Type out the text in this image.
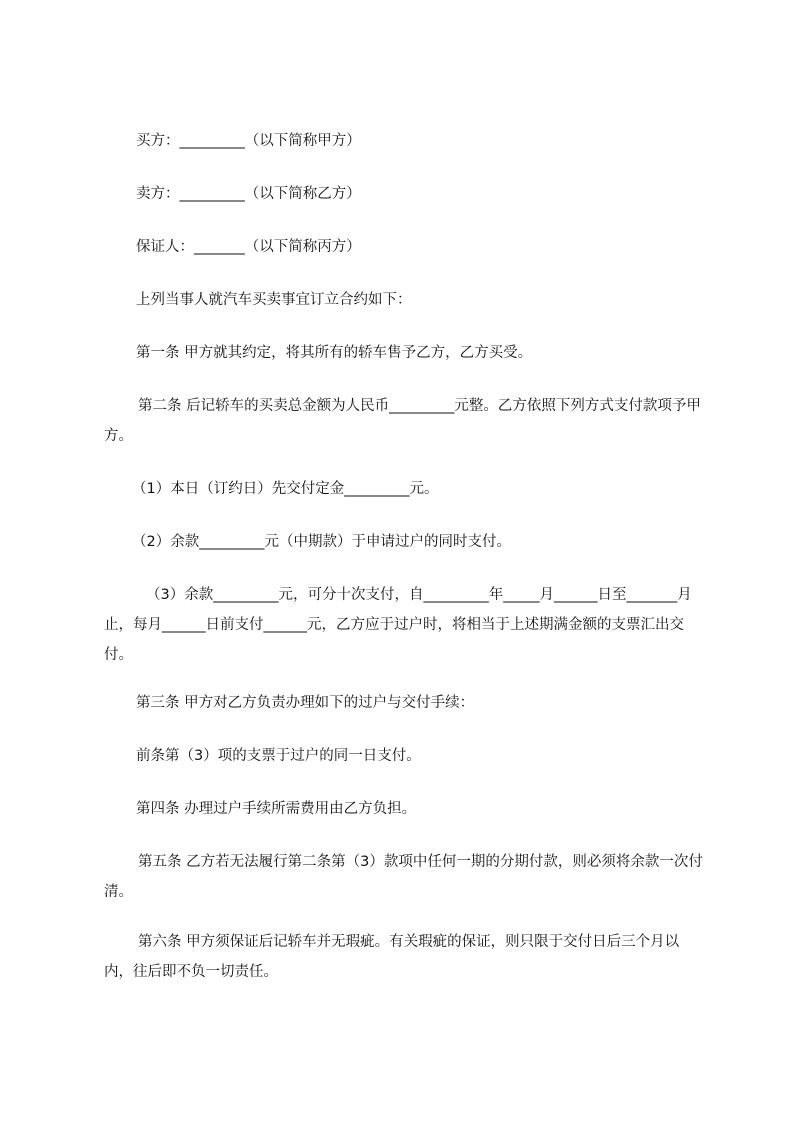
买方：_________（以下简称甲方）

卖方：_________（以下简称乙方）

保证人：_______（以下简称丙方）

上列当事人就汽车买卖事宜订立合约如下：

第一条 甲方就其约定，将其所有的轿车售予乙方，乙方买受。

第二条 后记轿车的买卖总金额为人民币_________元整。乙方依照下列方式支付款项予甲方。

（1）本日（订约日）先交付定金_________元。

（2）余款_________元（中期款）于申请过户的同时支付。

（3）余款_________元，可分十次支付，自_________年_____月______日至_______月止，每月______日前支付______元，乙方应于过户时，将相当于上述期满金额的支票汇出交付。

第三条 甲方对乙方负责办理如下的过户与交付手续：

前条第（3）项的支票于过户的同一日支付。

第四条 办理过户手续所需费用由乙方负担。

第五条 乙方若无法履行第二条第（3）款项中任何一期的分期付款，则必须将余款一次付清。

第六条 甲方须保证后记轿车并无瑕疵。有关瑕疵的保证，则只限于交付日后三个月以内，往后即不负一切责任。
